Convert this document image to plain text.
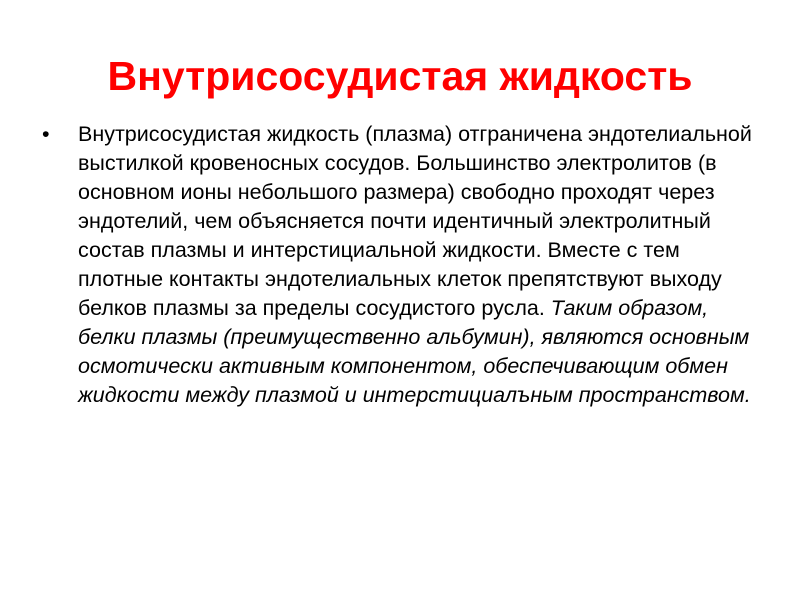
Внутрисосудистая жидкость
• Внутрисосудистая жидкость (плазма) отграничена эндотелиальной выстилкой кровеносных сосудов. Большинство электролитов (в основном ионы небольшого размера) свободно проходят через эндотелий, чем объясняется почти идентичный электролитный состав плазмы и интерстициальной жидкости. Вместе с тем плотные контакты эндотелиальных клеток препятствуют выходу белков плазмы за пределы сосудистого русла. Таким образом, белки плазмы (преимущественно альбумин), являются основным осмотически активным компонентом, обеспечивающим обмен жидкости между плазмой и интерстициалъным пространством.
